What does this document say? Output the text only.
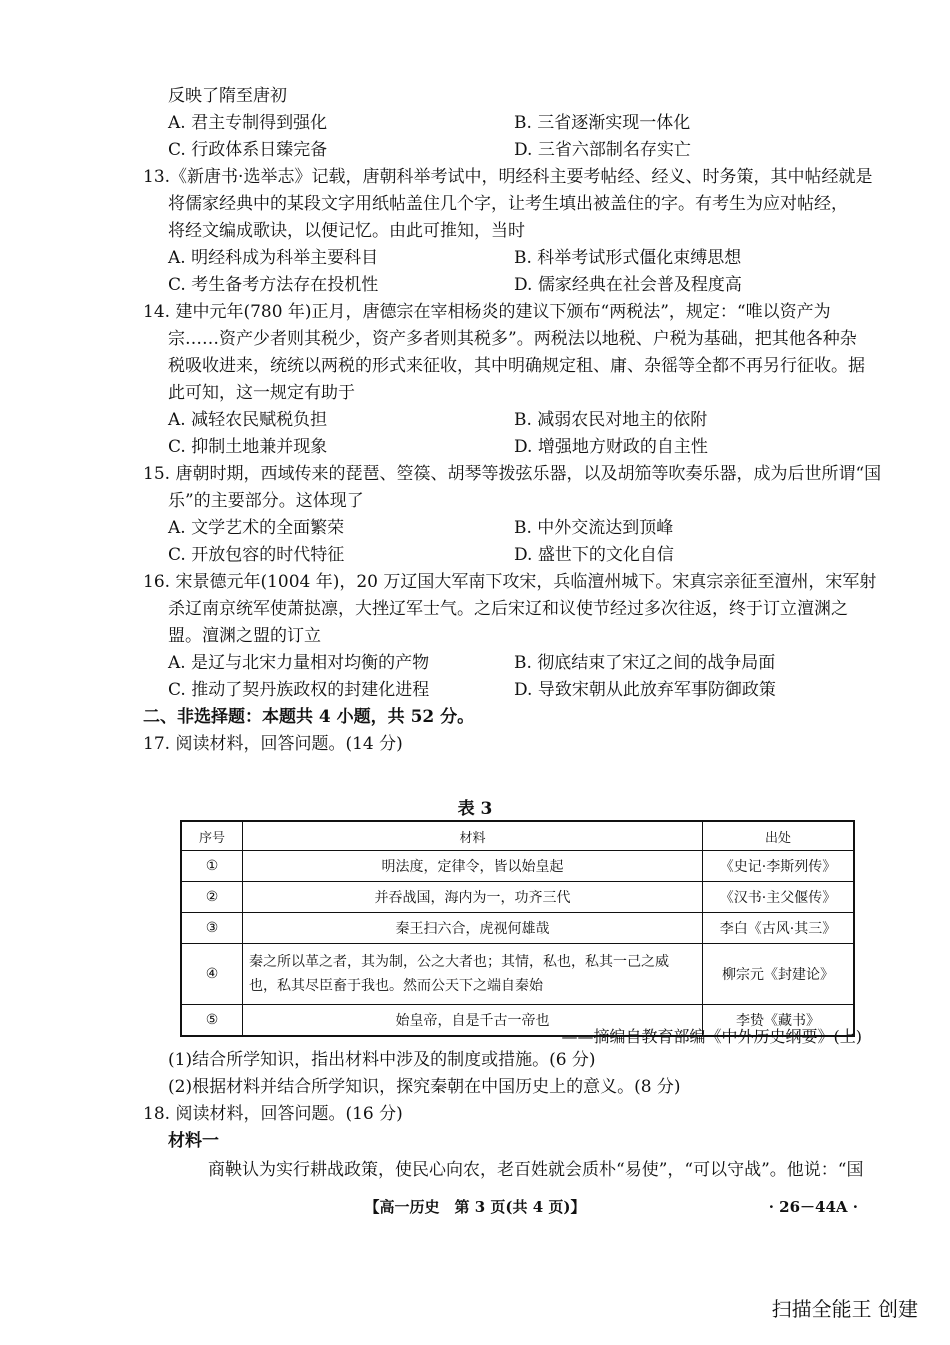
反映了隋至唐初
A. 君主专制得到强化	B. 三省逐渐实现一体化
C. 行政体系日臻完备	D. 三省六部制名存实亡
13.《新唐书·选举志》记载，唐朝科举考试中，明经科主要考帖经、经义、时务策，其中帖经就是
将儒家经典中的某段文字用纸帖盖住几个字，让考生填出被盖住的字。有考生为应对帖经，
将经文编成歌诀，以便记忆。由此可推知，当时
A. 明经科成为科举主要科目	B. 科举考试形式僵化束缚思想
C. 考生备考方法存在投机性	D. 儒家经典在社会普及程度高
14. 建中元年(780 年)正月，唐德宗在宰相杨炎的建议下颁布“两税法”，规定：“唯以资产为
宗……资产少者则其税少，资产多者则其税多”。两税法以地税、户税为基础，把其他各种杂
税吸收进来，统统以两税的形式来征收，其中明确规定租、庸、杂徭等全都不再另行征收。据
此可知，这一规定有助于
A. 减轻农民赋税负担	B. 减弱农民对地主的依附
C. 抑制土地兼并现象	D. 增强地方财政的自主性
15. 唐朝时期，西域传来的琵琶、箜篌、胡琴等拨弦乐器，以及胡笳等吹奏乐器，成为后世所谓“国
乐”的主要部分。这体现了
A. 文学艺术的全面繁荣	B. 中外交流达到顶峰
C. 开放包容的时代特征	D. 盛世下的文化自信
16. 宋景德元年(1004 年)，20 万辽国大军南下攻宋，兵临澶州城下。宋真宗亲征至澶州，宋军射
杀辽南京统军使萧挞凛，大挫辽军士气。之后宋辽和议使节经过多次往返，终于订立澶渊之
盟。澶渊之盟的订立
A. 是辽与北宋力量相对均衡的产物	B. 彻底结束了宋辽之间的战争局面
C. 推动了契丹族政权的封建化进程	D. 导致宋朝从此放弃军事防御政策
二、非选择题：本题共 4 小题，共 52 分。
17. 阅读材料，回答问题。(14 分)
表 3
序号	材料	出处
①	明法度，定律令，皆以始皇起	《史记·李斯列传》
②	并吞战国，海内为一，功齐三代	《汉书·主父偃传》
③	秦王扫六合，虎视何雄哉	李白《古风·其三》
④	秦之所以革之者，其为制，公之大者也；其情，私也，私其一己之威
也，私其尽臣畜于我也。然而公天下之端自秦始	柳宗元《封建论》
⑤	始皇帝，自是千古一帝也	李贽《藏书》
——摘编自教育部编《中外历史纲要》(上)
(1)结合所学知识，指出材料中涉及的制度或措施。(6 分)
(2)根据材料并结合所学知识，探究秦朝在中国历史上的意义。(8 分)
18. 阅读材料，回答问题。(16 分)
材料一
商鞅认为实行耕战政策，使民心向农，老百姓就会质朴“易使”，“可以守战”。他说：“国
【高一历史　第 3 页(共 4 页)】	· 26－44A ·
扫描全能王 创建
